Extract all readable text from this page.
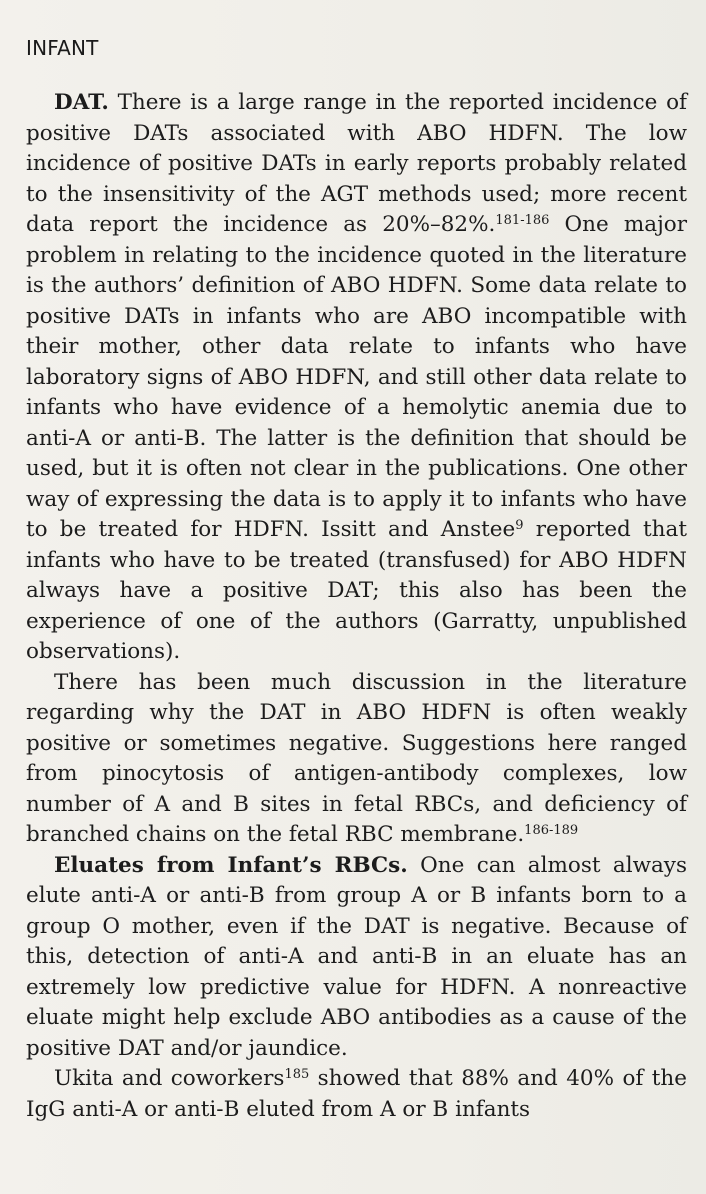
INFANT

DAT. There is a large range in the reported incidence of positive DATs associated with ABO HDFN. The low incidence of positive DATs in early reports probably related to the insensitivity of the AGT methods used; more recent data report the incidence as 20%–82%.$^{181-186}$ One major problem in relating to the incidence quoted in the literature is the authors’ definition of ABO HDFN. Some data relate to positive DATs in infants who are ABO incompatible with their mother, other data relate to infants who have laboratory signs of ABO HDFN, and still other data relate to infants who have evidence of a hemolytic anemia due to anti-A or anti-B. The latter is the definition that should be used, but it is often not clear in the publications. One other way of expressing the data is to apply it to infants who have to be treated for HDFN. Issitt and Anstee$^9$ reported that infants who have to be treated (transfused) for ABO HDFN always have a positive DAT; this also has been the experience of one of the authors (Garratty, unpublished observations).

There has been much discussion in the literature regarding why the DAT in ABO HDFN is often weakly positive or sometimes negative. Suggestions here ranged from pinocytosis of antigen-antibody complexes, low number of A and B sites in fetal RBCs, and deficiency of branched chains on the fetal RBC membrane.$^{186-189}$

Eluates from Infant’s RBCs. One can almost always elute anti-A or anti-B from group A or B infants born to a group O mother, even if the DAT is negative. Because of this, detection of anti-A and anti-B in an eluate has an extremely low predictive value for HDFN. A nonreactive eluate might help exclude ABO antibodies as a cause of the positive DAT and/or jaundice.

Ukita and coworkers$^{185}$ showed that 88% and 40% of the IgG anti-A or anti-B eluted from A or B infants
